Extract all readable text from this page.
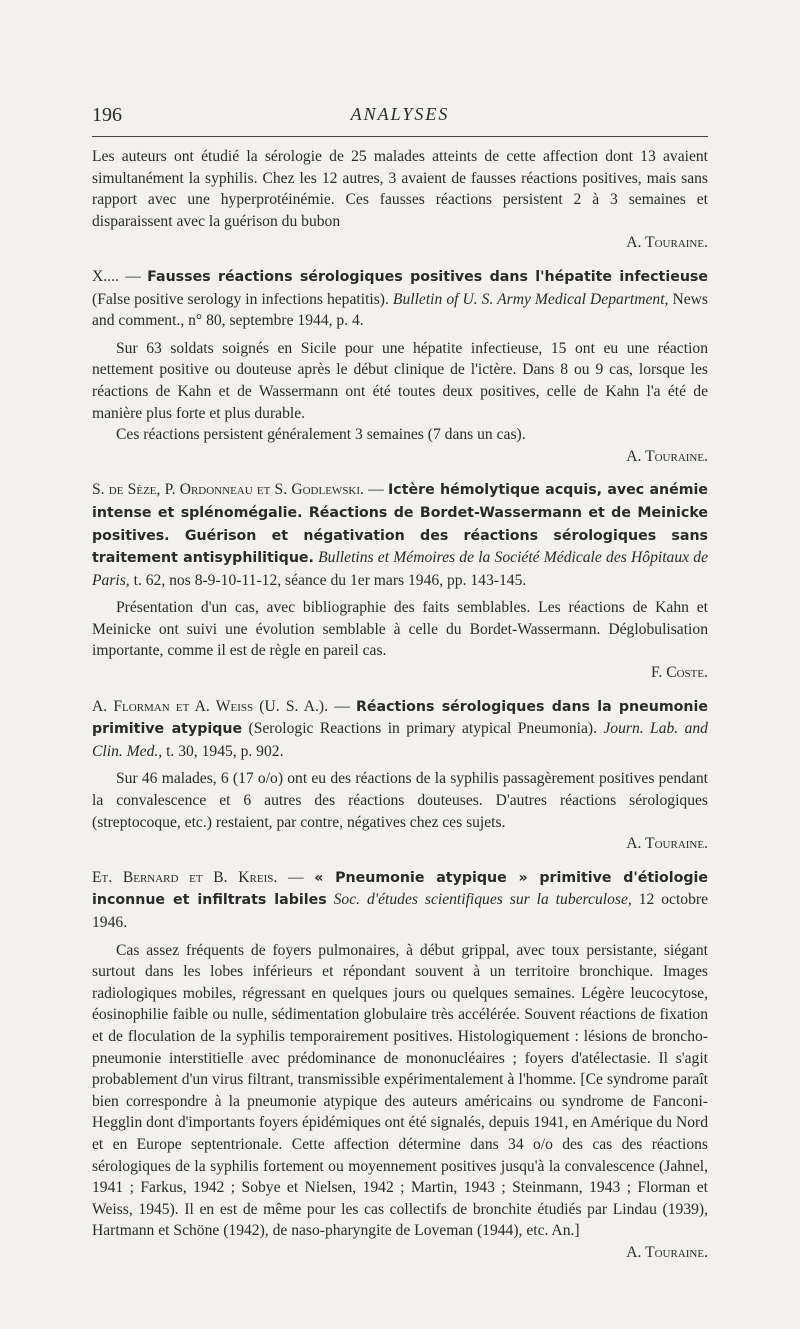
196	ANALYSES

Les auteurs ont étudié la sérologie de 25 malades atteints de cette affection dont 13 avaient simultanément la syphilis. Chez les 12 autres, 3 avaient de fausses réactions positives, mais sans rapport avec une hyperprotéinémie. Ces fausses réactions persistent 2 à 3 semaines et disparaissent avec la guérison du bubon

A. Touraine.

X.... — Fausses réactions sérologiques positives dans l'hépatite infectieuse (False positive serology in infections hepatitis). Bulletin of U. S. Army Medical Department, News and comment., n° 80, septembre 1944, p. 4.

Sur 63 soldats soignés en Sicile pour une hépatite infectieuse, 15 ont eu une réaction nettement positive ou douteuse après le début clinique de l'ictère. Dans 8 ou 9 cas, lorsque les réactions de Kahn et de Wassermann ont été toutes deux positives, celle de Kahn l'a été de manière plus forte et plus durable.

Ces réactions persistent généralement 3 semaines (7 dans un cas).

A. Touraine.

S. de Sèze, P. Ordonneau et S. Godlewski. — Ictère hémolytique acquis, avec anémie intense et splénomégalie. Réactions de Bordet-Wassermann et de Meinicke positives. Guérison et négativation des réactions sérologiques sans traitement antisyphilitique. Bulletins et Mémoires de la Société Médicale des Hôpitaux de Paris, t. 62, nos 8-9-10-11-12, séance du 1er mars 1946, pp. 143-145.

Présentation d'un cas, avec bibliographie des faits semblables. Les réactions de Kahn et Meinicke ont suivi une évolution semblable à celle du Bordet-Wassermann. Déglobulisation importante, comme il est de règle en pareil cas.

F. Coste.

A. Florman et A. Weiss (U. S. A.). — Réactions sérologiques dans la pneumonie primitive atypique (Serologic Reactions in primary atypical Pneumonia). Journ. Lab. and Clin. Med., t. 30, 1945, p. 902.

Sur 46 malades, 6 (17 o/o) ont eu des réactions de la syphilis passagèrement positives pendant la convalescence et 6 autres des réactions douteuses. D'autres réactions sérologiques (streptocoque, etc.) restaient, par contre, négatives chez ces sujets.

A. Touraine.

Et. Bernard et B. Kreis. — « Pneumonie atypique » primitive d'étiologie inconnue et infiltrats labiles Soc. d'études scientifiques sur la tuberculose, 12 octobre 1946.

Cas assez fréquents de foyers pulmonaires, à début grippal, avec toux persistante, siégant surtout dans les lobes inférieurs et répondant souvent à un territoire bronchique. Images radiologiques mobiles, régressant en quelques jours ou quelques semaines. Légère leucocytose, éosinophilie faible ou nulle, sédimentation globulaire très accélérée. Souvent réactions de fixation et de floculation de la syphilis temporairement positives. Histologiquement : lésions de broncho-pneumonie interstitielle avec prédominance de mononucléaires ; foyers d'atélectasie. Il s'agit probablement d'un virus filtrant, transmissible expérimentalement à l'homme. [Ce syndrome paraît bien correspondre à la pneumonie atypique des auteurs américains ou syndrome de Fanconi-Hegglin dont d'importants foyers épidémiques ont été signalés, depuis 1941, en Amérique du Nord et en Europe septentrionale. Cette affection détermine dans 34 o/o des cas des réactions sérologiques de la syphilis fortement ou moyennement positives jusqu'à la convalescence (Jahnel, 1941 ; Farkus, 1942 ; Sobye et Nielsen, 1942 ; Martin, 1943 ; Steinmann, 1943 ; Florman et Weiss, 1945). Il en est de même pour les cas collectifs de bronchite étudiés par Lindau (1939), Hartmann et Schöne (1942), de naso-pharyngite de Loveman (1944), etc. An.]

A. Touraine.
